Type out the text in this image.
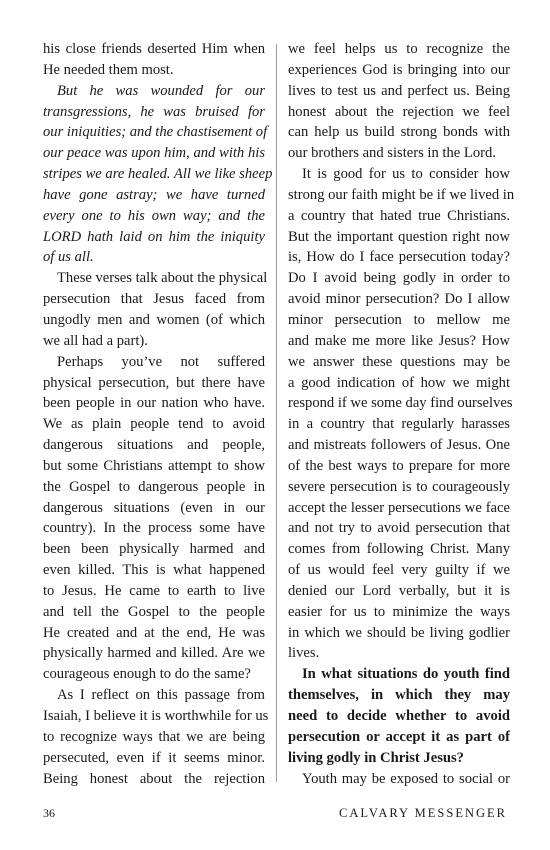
his close friends deserted Him when
He needed them most.
But he was wounded for our
transgressions, he was bruised for
our iniquities; and the chastisement of
our peace was upon him, and with his
stripes we are healed. All we like sheep
have gone astray; we have turned
every one to his own way; and the
LORD hath laid on him the iniquity
of us all.
These verses talk about the physical
persecution that Jesus faced from
ungodly men and women (of which
we all had a part).
Perhaps you’ve not suffered
physical persecution, but there have
been people in our nation who have.
We as plain people tend to avoid
dangerous situations and people,
but some Christians attempt to show
the Gospel to dangerous people in
dangerous situations (even in our
country). In the process some have
been been physically harmed and
even killed. This is what happened
to Jesus. He came to earth to live
and tell the Gospel to the people
He created and at the end, He was
physically harmed and killed. Are we
courageous enough to do the same?
As I reflect on this passage from
Isaiah, I believe it is worthwhile for us
to recognize ways that we are being
persecuted, even if it seems minor.
Being honest about the rejection
we feel helps us to recognize the
experiences God is bringing into our
lives to test us and perfect us. Being
honest about the rejection we feel
can help us build strong bonds with
our brothers and sisters in the Lord.
It is good for us to consider how
strong our faith might be if we lived in
a country that hated true Christians.
But the important question right now
is, How do I face persecution today?
Do I avoid being godly in order to
avoid minor persecution? Do I allow
minor persecution to mellow me
and make me more like Jesus? How
we answer these questions may be
a good indication of how we might
respond if we some day find ourselves
in a country that regularly harasses
and mistreats followers of Jesus. One
of the best ways to prepare for more
severe persecution is to courageously
accept the lesser persecutions we face
and not try to avoid persecution that
comes from following Christ. Many
of us would feel very guilty if we
denied our Lord verbally, but it is
easier for us to minimize the ways
in which we should be living godlier
lives.
In what situations do youth find
themselves, in which they may
need to decide whether to avoid
persecution or accept it as part of
living godly in Christ Jesus?
Youth may be exposed to social or
36	CALVARY MESSENGER
